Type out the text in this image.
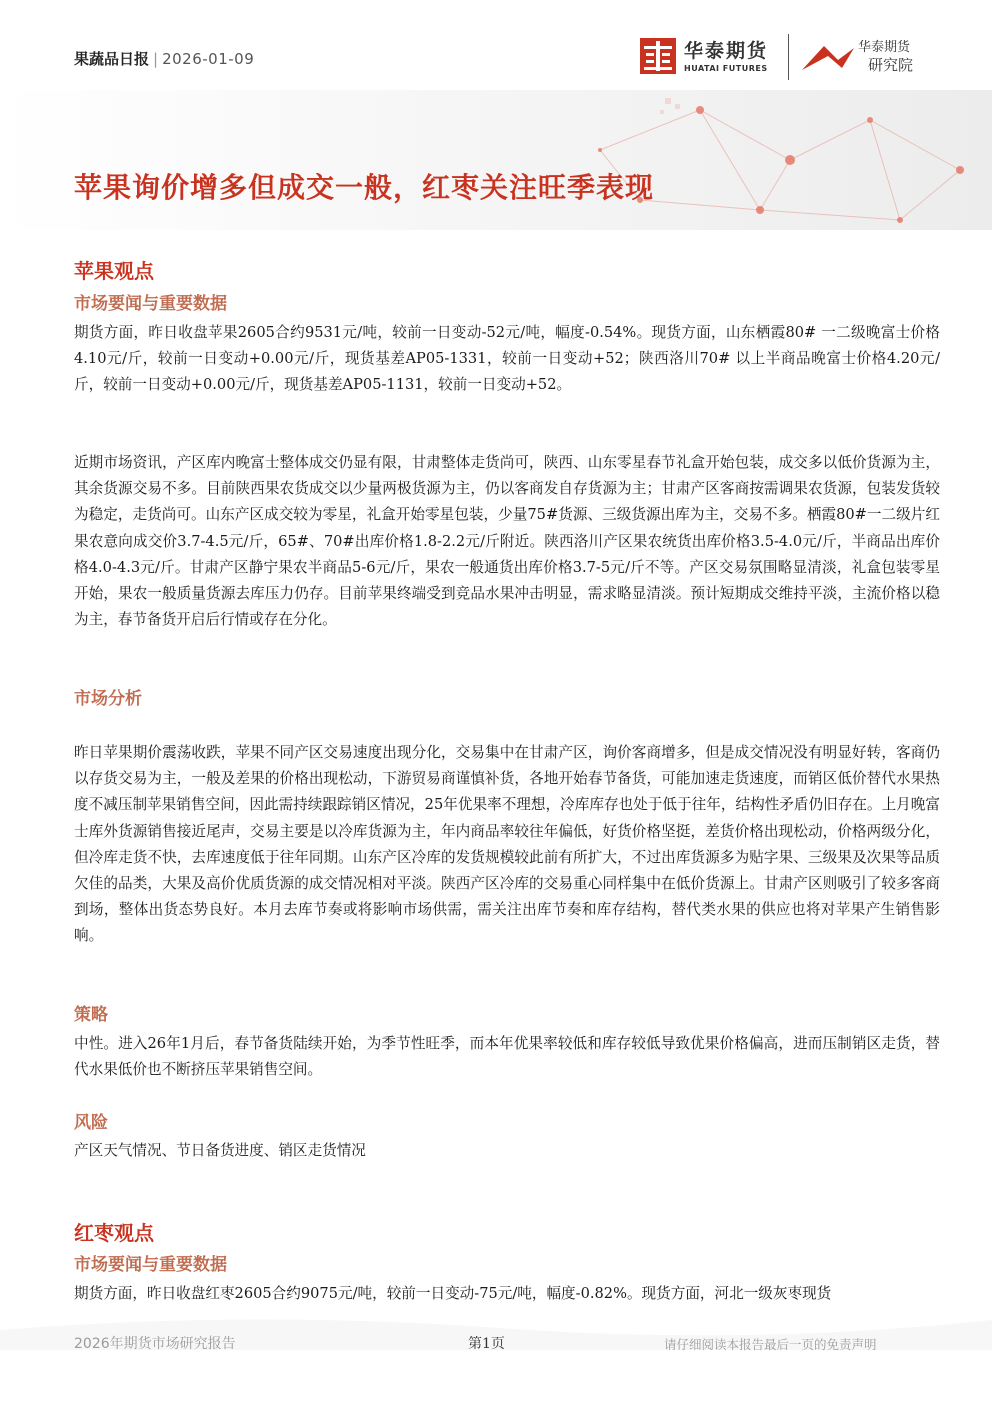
果蔬品日报 | 2026-01-09	华泰期货
HUATAI FUTURES
华泰期货
研究院
苹果询价增多但成交一般，红枣关注旺季表现
苹果观点
市场要闻与重要数据

期货方面，昨日收盘苹果2605合约9531元/吨，较前一日变动-52元/吨，幅度-0.54%。现货方面，山东栖霞80# 一二级晚富士价格4.10元/斤，较前一日变动+0.00元/斤，现货基差AP05-1331，较前一日变动+52；陕西洛川70# 以上半商品晚富士价格4.20元/斤，较前一日变动+0.00元/斤，现货基差AP05-1131，较前一日变动+52。

近期市场资讯，产区库内晚富士整体成交仍显有限，甘肃整体走货尚可，陕西、山东零星春节礼盒开始包装，成交多以低价货源为主，其余货源交易不多。目前陕西果农货成交以少量两极货源为主，仍以客商发自存货源为主；甘肃产区客商按需调果农货源，包装发货较为稳定，走货尚可。山东产区成交较为零星，礼盒开始零星包装，少量75#货源、三级货源出库为主，交易不多。栖霞80#一二级片红果农意向成交价3.7-4.5元/斤，65#、70#出库价格1.8-2.2元/斤附近。陕西洛川产区果农统货出库价格3.5-4.0元/斤，半商品出库价格4.0-4.3元/斤。甘肃产区静宁果农半商品5-6元/斤，果农一般通货出库价格3.7-5元/斤不等。产区交易氛围略显清淡，礼盒包装零星开始，果农一般质量货源去库压力仍存。目前苹果终端受到竞品水果冲击明显，需求略显清淡。预计短期成交维持平淡，主流价格以稳为主，春节备货开启后行情或存在分化。

市场分析

昨日苹果期价震荡收跌，苹果不同产区交易速度出现分化，交易集中在甘肃产区，询价客商增多，但是成交情况没有明显好转，客商仍以存货交易为主，一般及差果的价格出现松动，下游贸易商谨慎补货，各地开始春节备货，可能加速走货速度，而销区低价替代水果热度不减压制苹果销售空间，因此需持续跟踪销区情况，25年优果率不理想，冷库库存也处于低于往年，结构性矛盾仍旧存在。上月晚富士库外货源销售接近尾声，交易主要是以冷库货源为主，年内商品率较往年偏低，好货价格坚挺，差货价格出现松动，价格两级分化，但冷库走货不快，去库速度低于往年同期。山东产区冷库的发货规模较此前有所扩大，不过出库货源多为贴字果、三级果及次果等品质欠佳的品类，大果及高价优质货源的成交情况相对平淡。陕西产区冷库的交易重心同样集中在低价货源上。甘肃产区则吸引了较多客商到场，整体出货态势良好。本月去库节奏或将影响市场供需，需关注出库节奏和库存结构，替代类水果的供应也将对苹果产生销售影响。

策略

中性。进入26年1月后，春节备货陆续开始，为季节性旺季，而本年优果率较低和库存较低导致优果价格偏高，进而压制销区走货，替代水果低价也不断挤压苹果销售空间。

风险

产区天气情况、节日备货进度、销区走货情况

红枣观点
市场要闻与重要数据

期货方面，昨日收盘红枣2605合约9075元/吨，较前一日变动-75元/吨，幅度-0.82%。现货方面，河北一级灰枣现货

2026年期货市场研究报告	第1页	请仔细阅读本报告最后一页的免责声明
